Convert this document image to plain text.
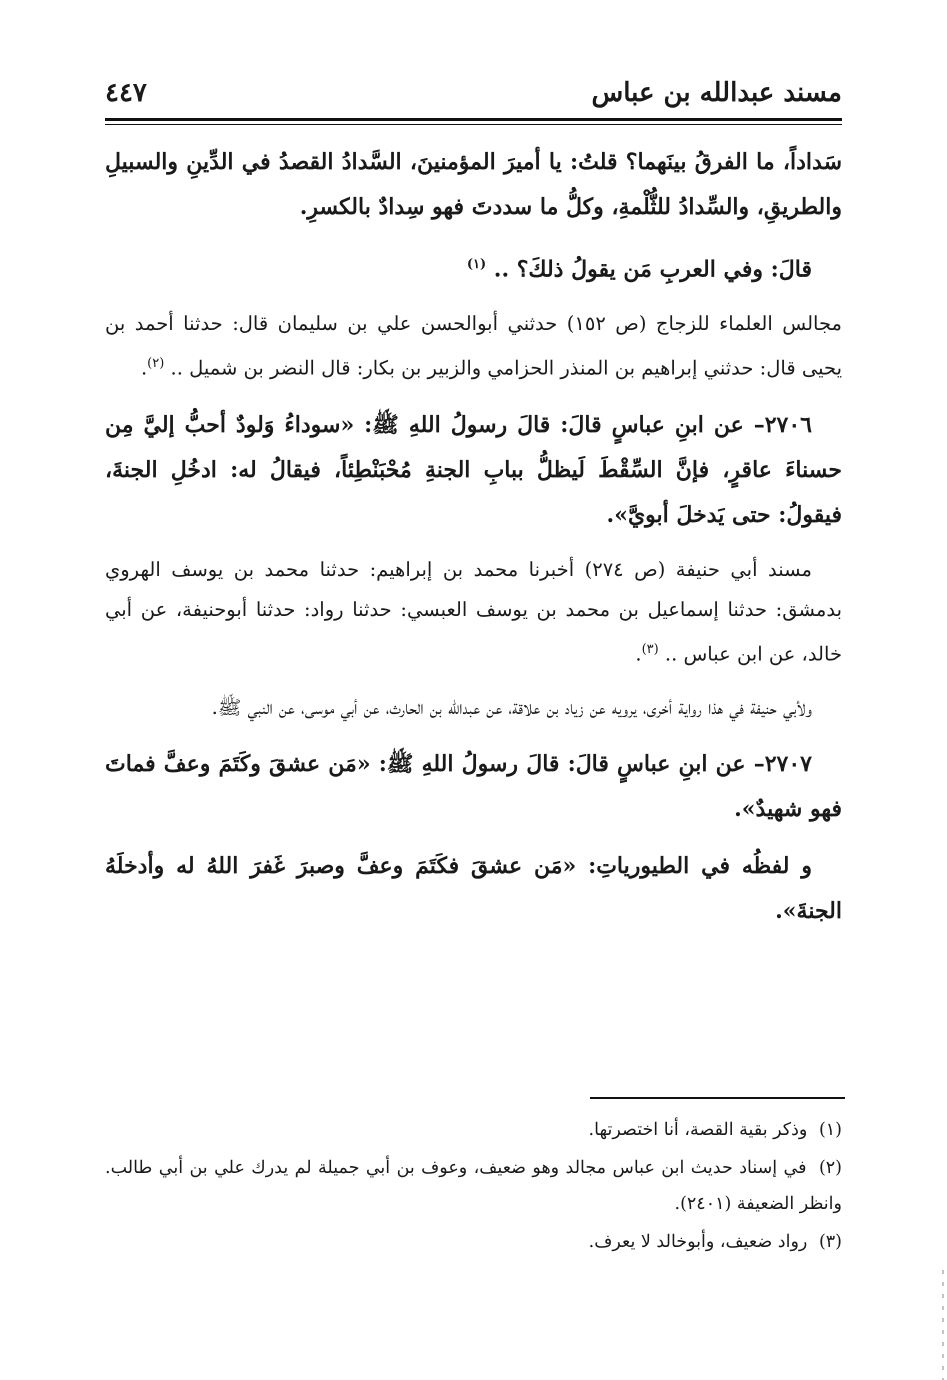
مسند عبدالله بن عباس
٤٤٧

سَداداً، ما الفرقُ بينَهما؟ قلتُ: يا أميرَ المؤمنينَ، السَّدادُ القصدُ في الدِّينِ والسبيلِ والطريقِ، والسِّدادُ للثُّلْمةِ، وكلُّ ما سددتَ فهو سِدادٌ بالكسرِ.

قالَ: وفي العربِ مَن يقولُ ذلكَ؟ .. $^{(١)}$

مجالس العلماء للزجاج (ص ١٥٢) حدثني أبوالحسن علي بن سليمان قال: حدثنا أحمد بن يحيى قال: حدثني إبراهيم بن المنذر الحزامي والزبير بن بكار: قال النضر بن شميل .. $^{(٢)}$.

٢٧٠٦– عن ابنِ عباسٍ قالَ: قالَ رسولُ اللهِ ﷺ: «سوداءُ وَلودٌ أحبُّ إليَّ مِن حسناءَ عاقرٍ، فإنَّ السِّقْطَ لَيظلُّ ببابِ الجنةِ مُحْبَنْطِئاً، فيقالُ له: ادخُلِ الجنةَ، فيقولُ: حتى يَدخلَ أبويَّ».

مسند أبي حنيفة (ص ٢٧٤) أخبرنا محمد بن إبراهيم: حدثنا محمد بن يوسف الهروي بدمشق: حدثنا إسماعيل بن محمد بن يوسف العبسي: حدثنا رواد: حدثنا أبوحنيفة، عن أبي خالد، عن ابن عباس .. $^{(٣)}$.

ولأبي حنيفة في هذا رواية أخرى، يرويه عن زياد بن علاقة، عن عبدالله بن الحارث، عن أبي موسى، عن النبي ﷺ.

٢٧٠٧– عن ابنِ عباسٍ قالَ: قالَ رسولُ اللهِ ﷺ: «مَن عشقَ وكَتَمَ وعفَّ فماتَ فهو شهيدٌ».

و لفظُه في الطيورياتِ: «مَن عشقَ فكَتَمَ وعفَّ وصبرَ غَفرَ اللهُ له وأدخلَهُ الجنةَ».

(١) وذكر بقية القصة، أنا اختصرتها.

(٢) في إسناد حديث ابن عباس مجالد وهو ضعيف، وعوف بن أبي جميلة لم يدرك علي بن أبي طالب. وانظر الضعيفة (٢٤٠١).

(٣) رواد ضعيف، وأبوخالد لا يعرف.
